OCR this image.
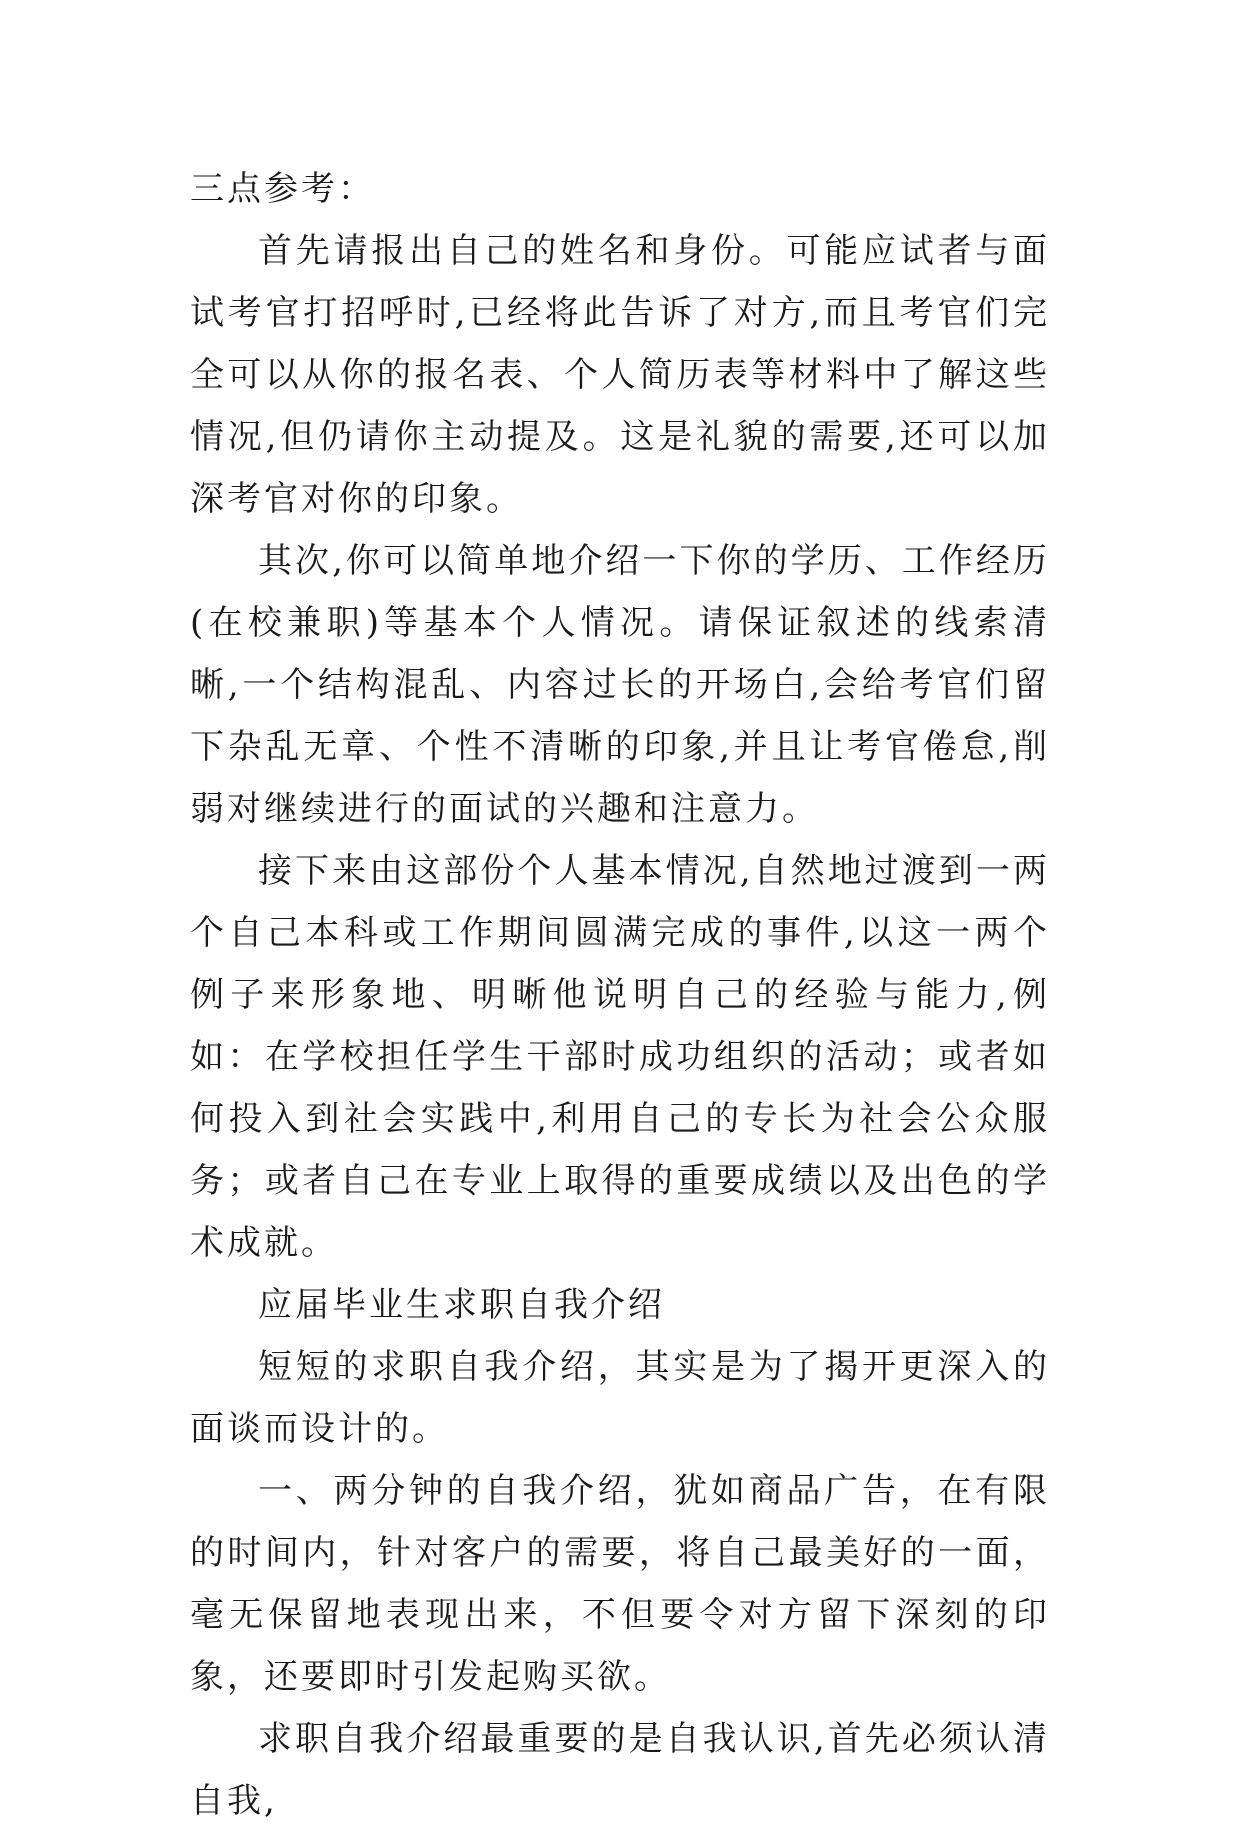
三点参考：

首先请报出自己的姓名和身份。可能应试者与面试考官打招呼时,已经将此告诉了对方,而且考官们完全可以从你的报名表、个人简历表等材料中了解这些情况,但仍请你主动提及。这是礼貌的需要,还可以加深考官对你的印象。

其次,你可以简单地介绍一下你的学历、工作经历(在校兼职)等基本个人情况。请保证叙述的线索清晰,一个结构混乱、内容过长的开场白,会给考官们留下杂乱无章、个性不清晰的印象,并且让考官倦怠,削弱对继续进行的面试的兴趣和注意力。

接下来由这部份个人基本情况,自然地过渡到一两个自己本科或工作期间圆满完成的事件,以这一两个例子来形象地、明晰他说明自己的经验与能力,例如：在学校担任学生干部时成功组织的活动；或者如何投入到社会实践中,利用自己的专长为社会公众服务；或者自己在专业上取得的重要成绩以及出色的学术成就。

应届毕业生求职自我介绍

短短的求职自我介绍，其实是为了揭开更深入的面谈而设计的。

一、两分钟的自我介绍，犹如商品广告，在有限的时间内，针对客户的需要，将自己最美好的一面，毫无保留地表现出来，不但要令对方留下深刻的印象，还要即时引发起购买欲。

求职自我介绍最重要的是自我认识,首先必须认清自我,
